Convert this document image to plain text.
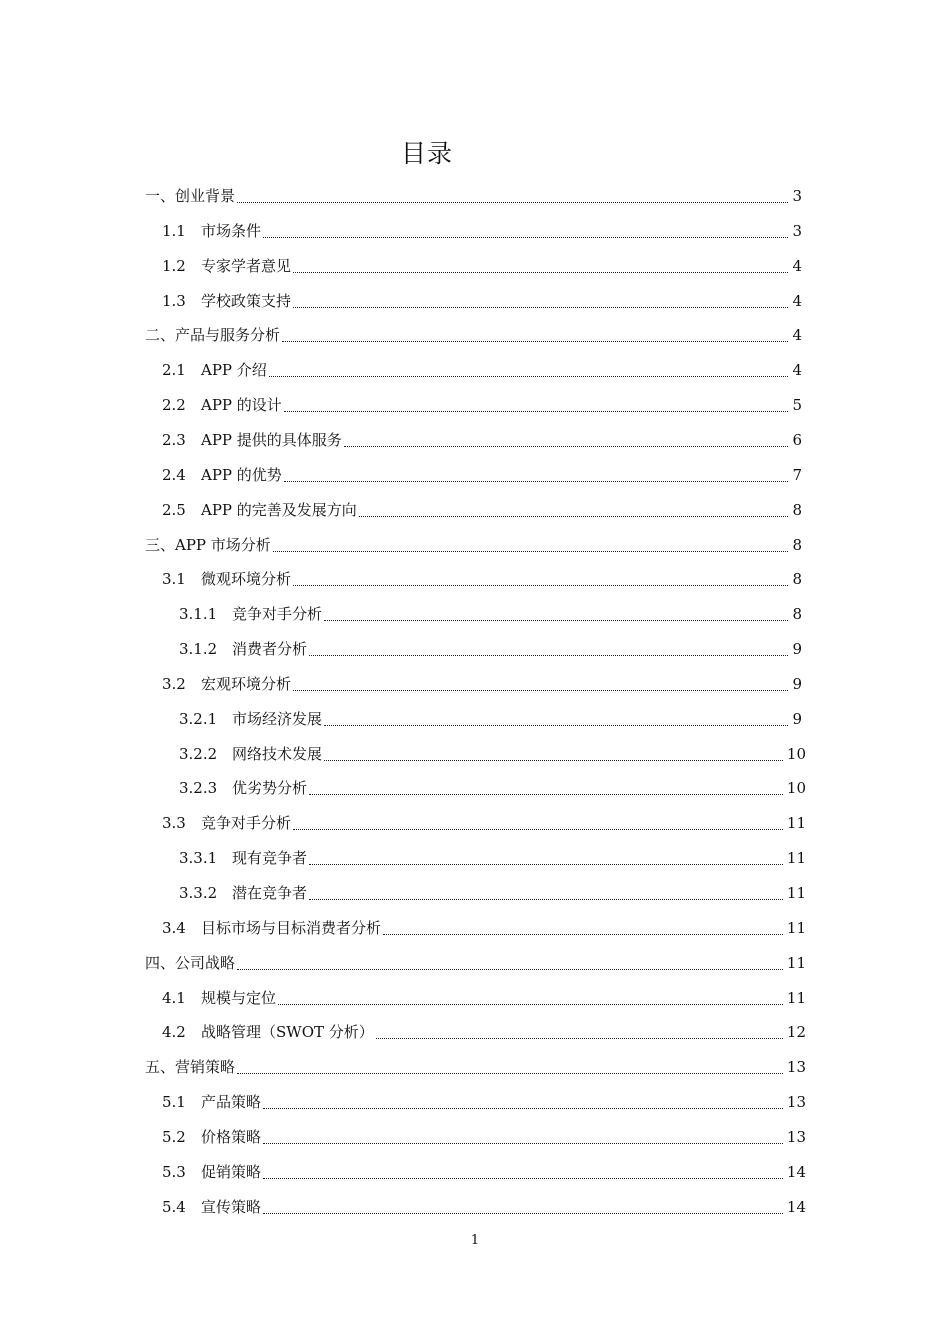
目录
一、创业背景	3
1.1	市场条件	3
1.2	专家学者意见	4
1.3	学校政策支持	4
二、产品与服务分析	4
2.1	APP 介绍	4
2.2	APP 的设计	5
2.3	APP 提供的具体服务	6
2.4	APP 的优势	7
2.5	APP 的完善及发展方向	8
三、APP 市场分析	8
3.1	微观环境分析	8
3.1.1 竞争对手分析	8
3.1.2 消费者分析	9
3.2	宏观环境分析	9
3.2.1 市场经济发展	9
3.2.2 网络技术发展	10
3.2.3 优劣势分析	10
3.3	竞争对手分析	11
3.3.1 现有竞争者	11
3.3.2 潜在竞争者	11
3.4	目标市场与目标消费者分析	11
四、公司战略	11
4.1	规模与定位	11
4.2	战略管理（SWOT 分析）	12
五、营销策略	13
5.1	产品策略	13
5.2	价格策略	13
5.3	促销策略	14
5.4	宣传策略	14
1
